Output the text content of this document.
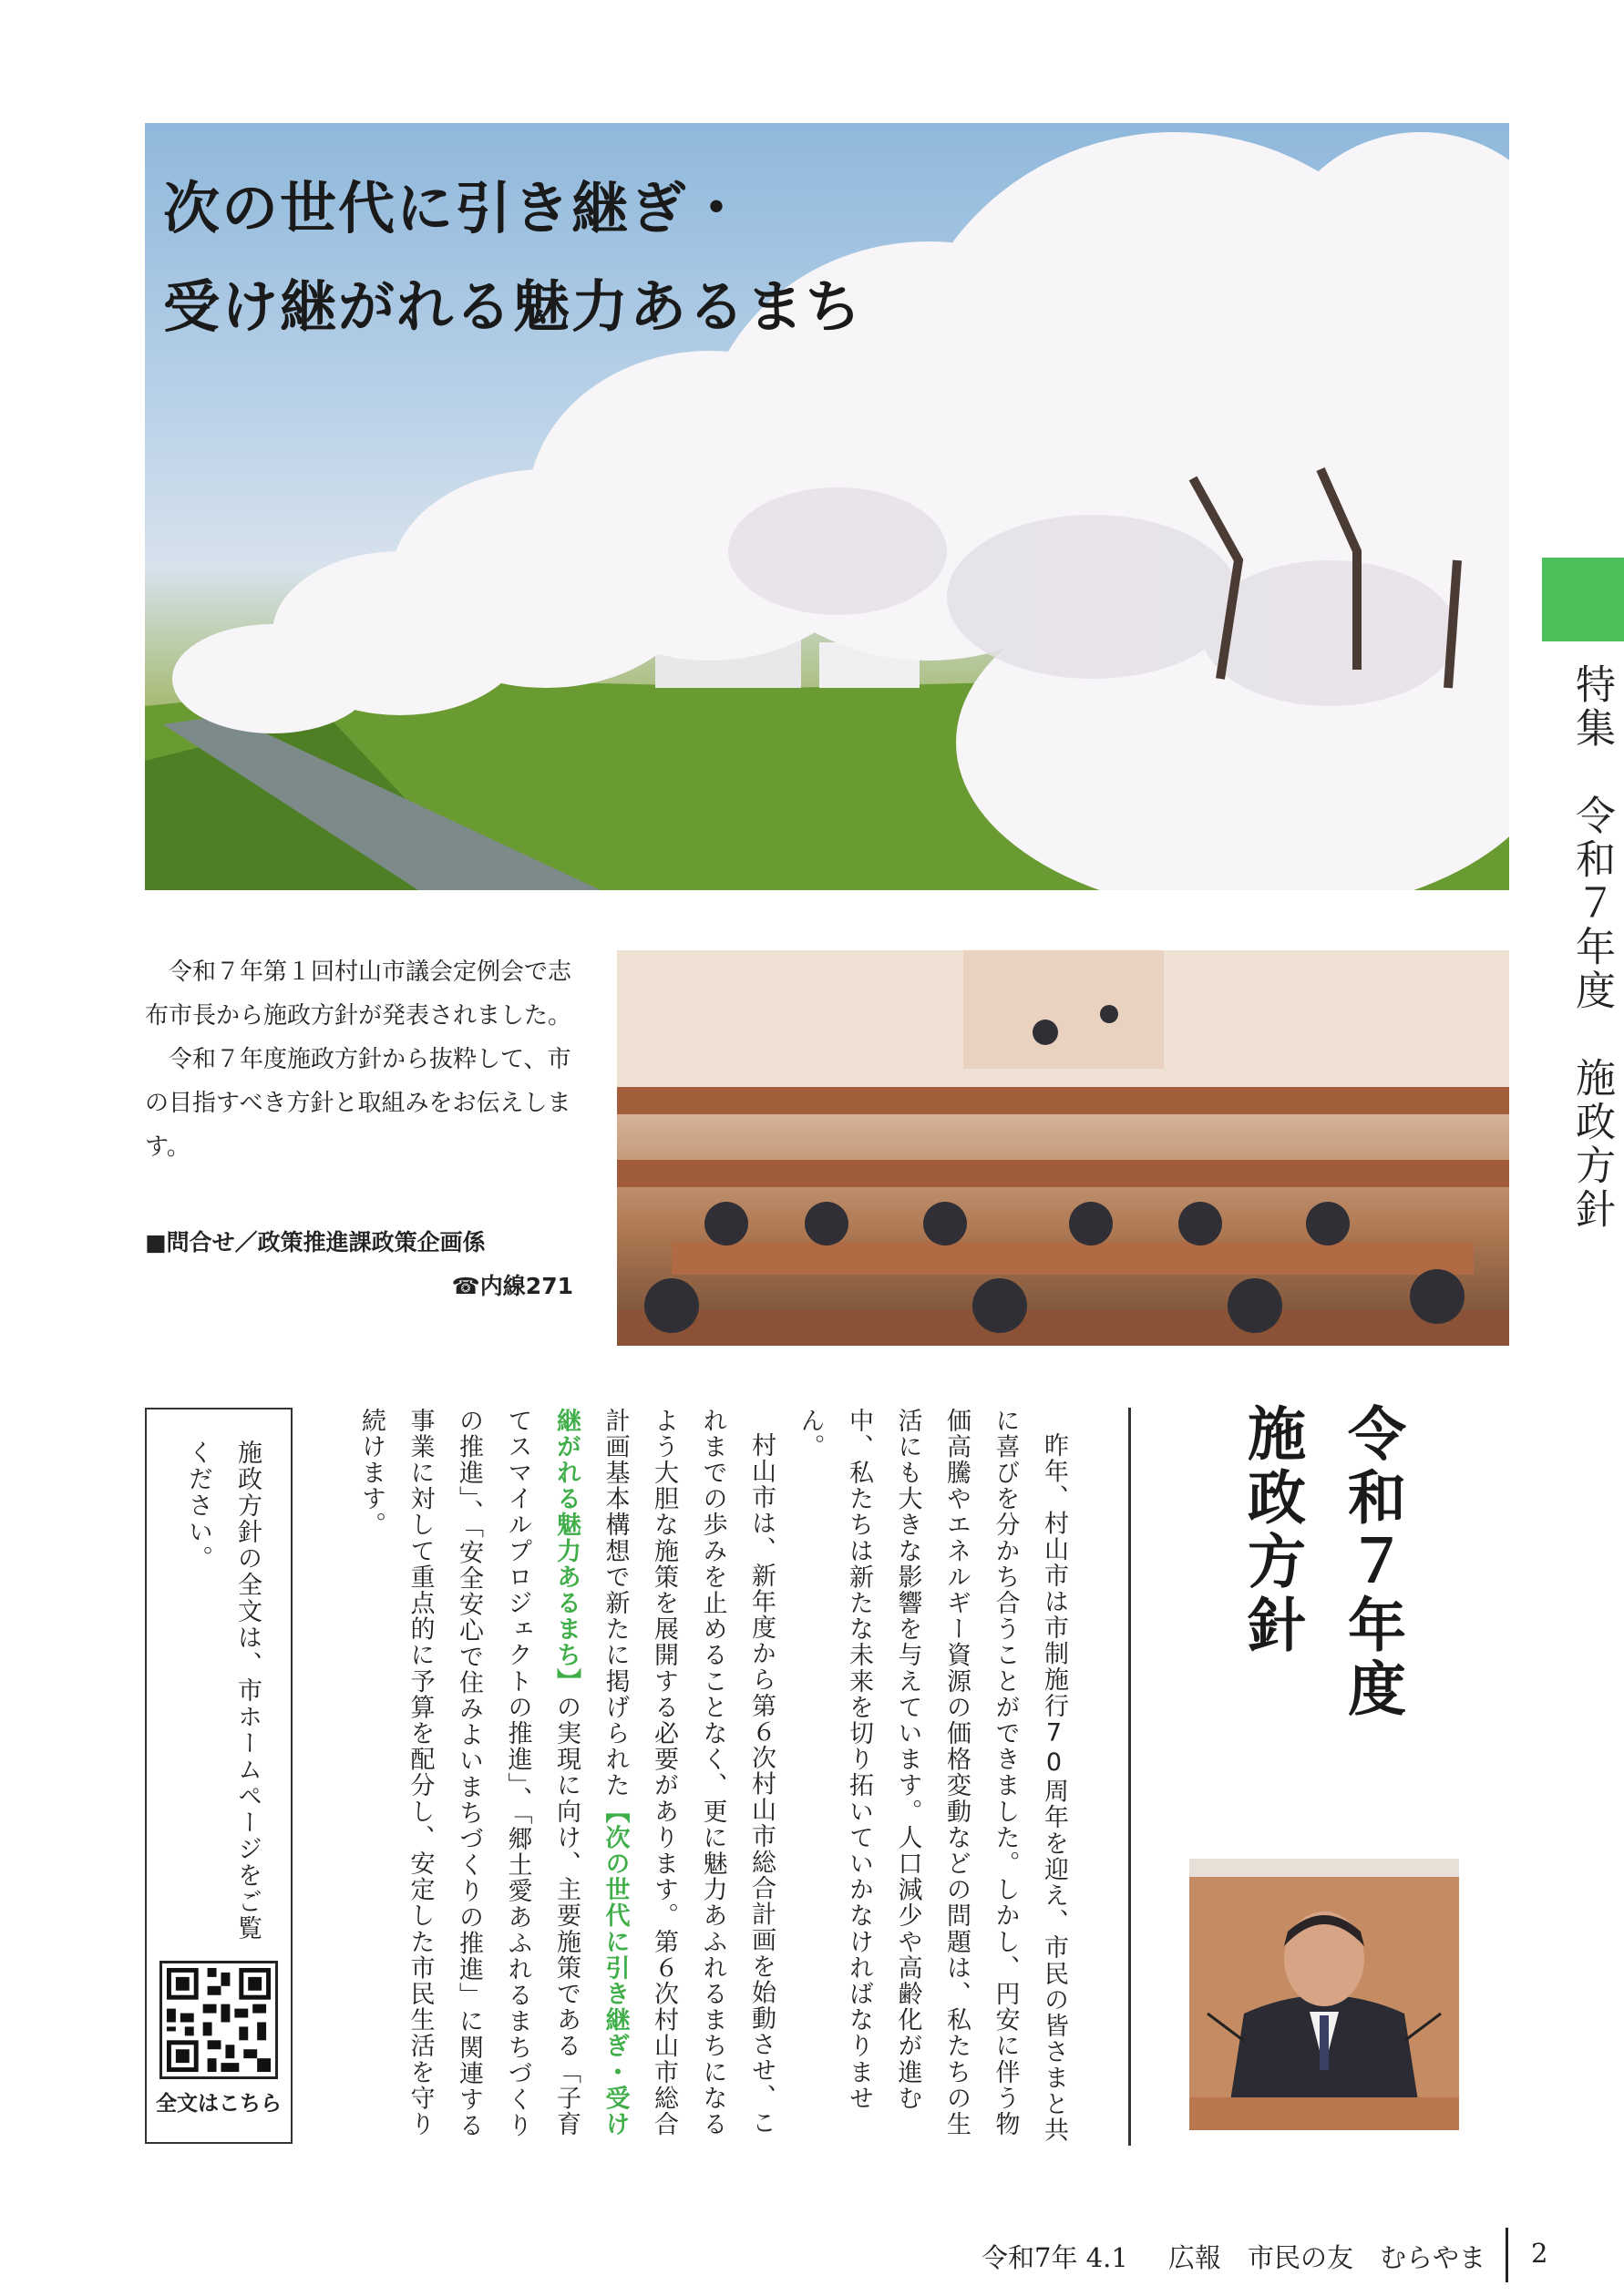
次の世代に引き継ぎ・
受け継がれる魅力あるまち

令和７年第１回村山市議会定例会で志布市長から施政方針が発表されました。

令和７年度施政方針から抜粋して、市の目指すべき方針と取組みをお伝えします。

■問合せ／政策推進課政策企画係
☎内線271
特集　令和７年度　施政方針
令和７年度
施政方針

昨年、村山市は市制施行70周年を迎え、市民の皆さまと共に喜びを分かち合うことができました。しかし、円安に伴う物価高騰やエネルギー資源の価格変動などの問題は、私たちの生活にも大きな影響を与えています。人口減少や高齢化が進む中、私たちは新たな未来を切り拓いていかなければなりません。

村山市は、新年度から第６次村山市総合計画を始動させ、これまでの歩みを止めることなく、更に魅力あふれるまちになるよう大胆な施策を展開する必要があります。第６次村山市総合計画基本構想で新たに掲げられた【次の世代に引き継ぎ・受け継がれる魅力あるまち】の実現に向け、主要施策である「子育てスマイルプロジェクトの推進」、「郷土愛あふれるまちづくりの推進」、「安全安心で住みよいまちづくりの推進」に関連する事業に対して重点的に予算を配分し、安定した市民生活を守り続けます。

施政方針の全文は、市ホームページをご覧ください。
全文はこちら
令和7年 4.1 広報　市民の友　むらやま 2
